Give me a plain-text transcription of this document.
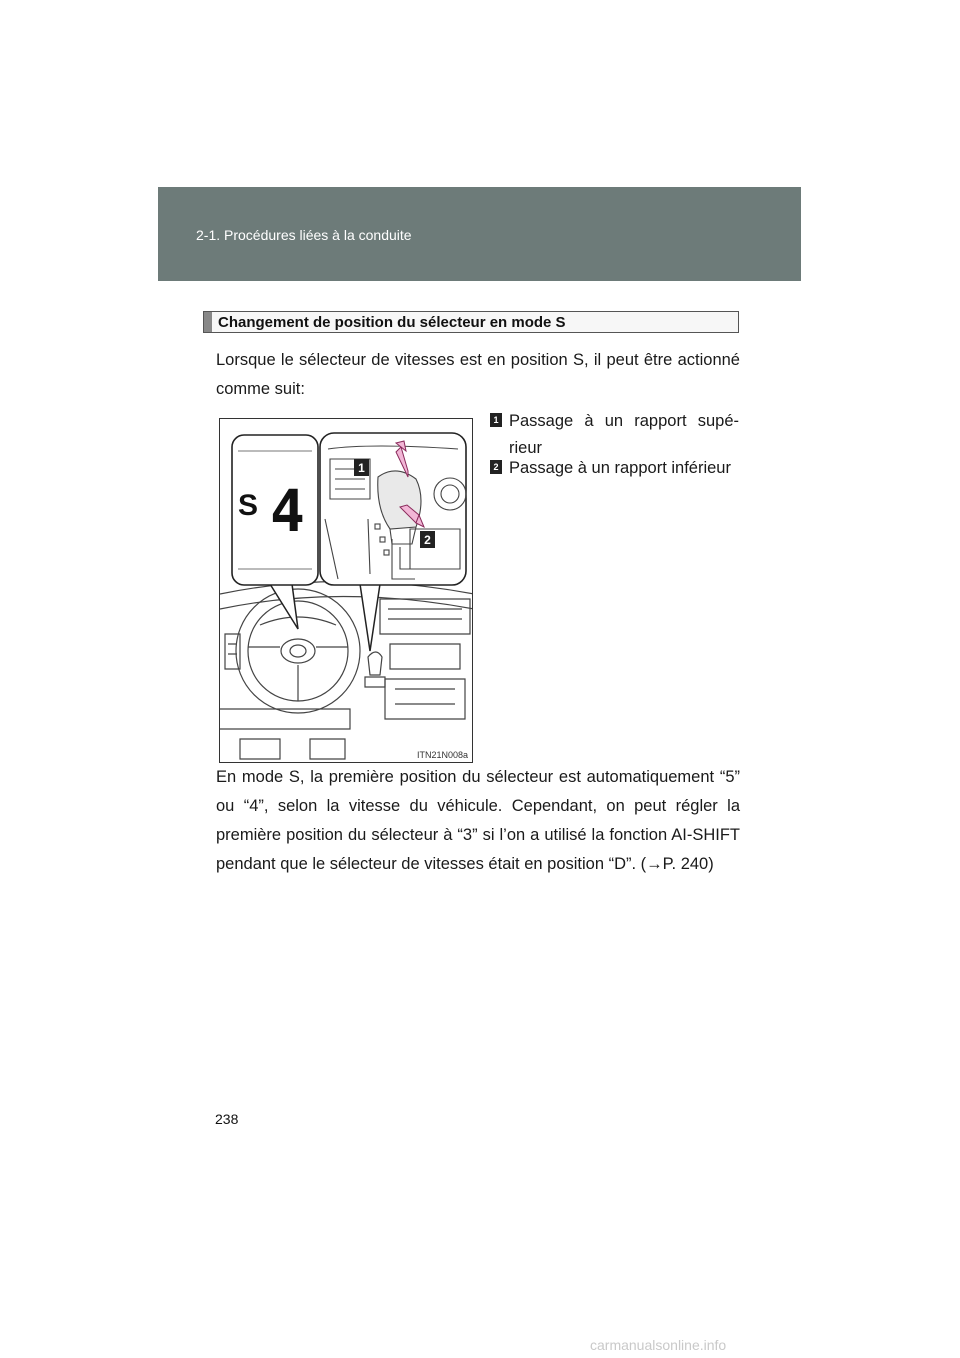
2-1. Procédures liées à la conduite
Changement de position du sélecteur en mode S
Lorsque le sélecteur de vitesses est en position S, il peut être actionné comme suit:
1
2
S 4
ITN21N008a
1 Passage à un rapport supé-rieur
2 Passage à un rapport inférieur
En mode S, la première position du sélecteur est automatiquement “5” ou “4”, selon la vitesse du véhicule. Cependant, on peut régler la première position du sélecteur à “3” si l’on a utilisé la fonction AI-SHIFT pendant que le sélecteur de vitesses était en position “D”. (→P. 240)
238
carmanualsonline.info
